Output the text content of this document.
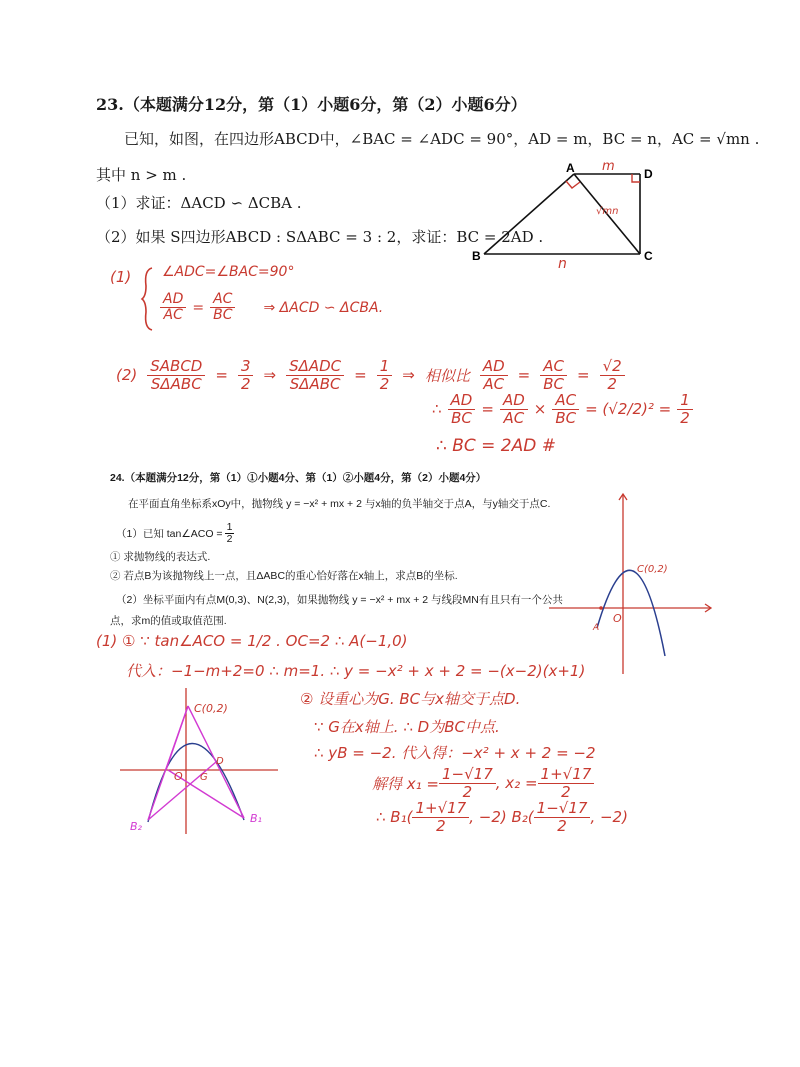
23.（本题满分12分，第（1）小题6分，第（2）小题6分）
已知，如图，在四边形ABCD中，∠BAC = ∠ADC = 90°，AD = m，BC = n，AC = √mn .
其中 n > m .
（1）求证：ΔACD ∽ ΔCBA .
（2）如果 S四边形ABCD : SΔABC = 3 : 2，求证：BC = 2AD .
A	D
B	C
m
n
√mn
(1) ∠ADC=∠BAC=90°
$\frac{AD}{AC} = \frac{AC}{BC}$ ⇒ ΔACD ∽ ΔCBA.
$(2) \frac{\text{SABCD}}{\text{SΔABC}} = \frac{3}{2}$ ⇒ $\frac{\text{SΔADC}}{\text{SΔABC}} = \frac{1}{2}$ ⇒ 相似比 $\frac{AD}{AC} = \frac{AC}{BC} = \frac{√2}{2}$
∴ $\frac{AD}{BC} = \frac{AD}{AC} \times \frac{AC}{BC} = (√2/2)^2 = \frac{1}{2}$
∴ BC = 2AD #
24.（本题满分12分，第（1）①小题4分、第（1）②小题4分，第（2）小题4分）
在平面直角坐标系xOy中，抛物线 y = −x² + mx + 2 与x轴的负半轴交于点A，与y轴交于点C.
（1）已知 tan∠ACO = $\frac{1}{2}$
① 求抛物线的表达式.
② 若点B为该抛物线上一点，且ΔABC的重心恰好落在x轴上，求点B的坐标.
（2）坐标平面内有点M(0,3)、N(2,3)，如果抛物线 y = −x² + mx + 2 与线段MN有且只有一个公共
点，求m的值或取值范围.
C(0,2)
O
A
(1) ① ∵ tan∠ACO = 1/2 . OC=2 ∴ A(−1,0)
代入：−1−m+2=0 ∴ m=1. ∴ y = −x² + x + 2 = −(x−2)(x+1)
C(0,2)
O G
D
B₁
B₂
② 设重心为G. BC与x轴交于点D.
∵ G在x轴上. ∴ D为BC中点.
∴ yB = −2. 代入得：−x² + x + 2 = −2
解得 $x_1 = \frac{1-√17}{2}$ , $x_2 = \frac{1+√17}{2}$
∴ $B_1( \frac{1+√17}{2}$ , −2) $B_2( \frac{1-√17}{2}$ , −2)
